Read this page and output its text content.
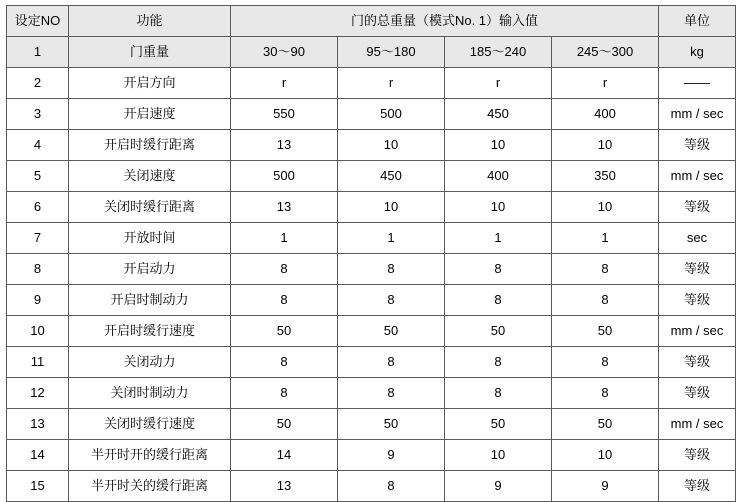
设定NO	功能	门的总重量（模式No. 1）输入值				单位
1	门重量	30～90	95～180	185～240	245～300	kg
2	开启方向	r	r	r	r	——
3	开启速度	550	500	450	400	mm / sec
4	开启时缓行距离	13	10	10	10	等级
5	关闭速度	500	450	400	350	mm / sec
6	关闭时缓行距离	13	10	10	10	等级
7	开放时间	1	1	1	1	sec
8	开启动力	8	8	8	8	等级
9	开启时制动力	8	8	8	8	等级
10	开启时缓行速度	50	50	50	50	mm / sec
11	关闭动力	8	8	8	8	等级
12	关闭时制动力	8	8	8	8	等级
13	关闭时缓行速度	50	50	50	50	mm / sec
14	半开时开的缓行距离	14	9	10	10	等级
15	半开时关的缓行距离	13	8	9	9	等级
